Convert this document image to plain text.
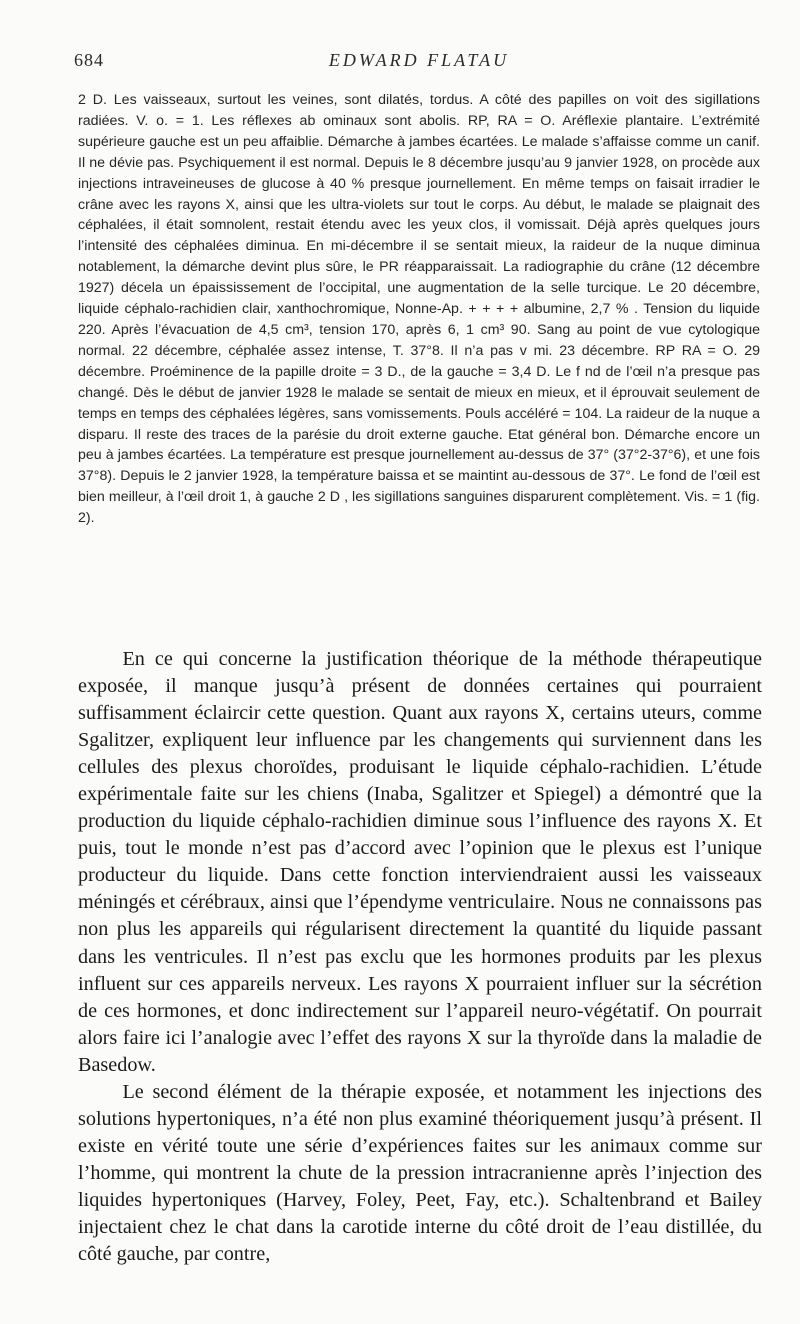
684	EDWARD FLATAU

2 D. Les vaisseaux, surtout les veines, sont dilatés, tordus. A côté des papilles on voit des sigillations radiées. V. o. = 1. Les réflexes ab ominaux sont abolis. RP, RA = O. Aréflexie plantaire. L’extrémité supérieure gauche est un peu affaiblie. Démarche à jambes écartées. Le malade s’affaisse comme un canif. Il ne dévie pas. Psychiquement il est normal. Depuis le 8 décembre jusqu’au 9 janvier 1928, on procède aux injections intraveineuses de glucose à 40 % presque journellement. En même temps on faisait irradier le crâne avec les rayons X, ainsi que les ultra-violets sur tout le corps. Au début, le malade se plaignait des céphalées, il était somnolent, restait étendu avec les yeux clos, il vomissait. Déjà après quelques jours l’intensité des céphalées diminua. En mi-décembre il se sentait mieux, la raideur de la nuque diminua notablement, la démarche devint plus sûre, le PR réapparaissait. La radiographie du crâne (12 décembre 1927) décela un épaississement de l’occipital, une augmentation de la selle turcique. Le 20 décembre, liquide céphalo-rachidien clair, xanthochromique, Nonne-Ap. + + + + albumine, 2,7 % . Tension du liquide 220. Après l’évacuation de 4,5 cm³, tension 170, après 6, 1 cm³ 90. Sang au point de vue cytologique normal. 22 décembre, céphalée assez intense, T. 37°8. Il n’a pas v mi. 23 décembre. RP RA = O. 29 décembre. Proéminence de la papille droite = 3 D., de la gauche = 3,4 D. Le f nd de l’œil n’a presque pas changé. Dès le début de janvier 1928 le malade se sentait de mieux en mieux, et il éprouvait seulement de temps en temps des céphalées légères, sans vomissements. Pouls accéléré = 104. La raideur de la nuque a disparu. Il reste des traces de la parésie du droit externe gauche. Etat général bon. Démarche encore un peu à jambes écartées. La température est presque journellement au-dessus de 37° (37°2-37°6), et une fois 37°8). Depuis le 2 janvier 1928, la température baissa et se maintint au-dessous de 37°. Le fond de l’œil est bien meilleur, à l’œil droit 1, à gauche 2 D , les sigillations sanguines disparurent complètement. Vis. = 1 (fig. 2).

En ce qui concerne la justification théorique de la méthode thérapeutique exposée, il manque jusqu’à présent de données certaines qui pourraient suffisamment éclaircir cette question. Quant aux rayons X, certains uteurs, comme Sgalitzer, expliquent leur influence par les changements qui surviennent dans les cellules des plexus choroïdes, produisant le liquide céphalo-rachidien. L’étude expérimentale faite sur les chiens (Inaba, Sgalitzer et Spiegel) a démontré que la production du liquide céphalo-rachidien diminue sous l’influence des rayons X. Et puis, tout le monde n’est pas d’accord avec l’opinion que le plexus est l’unique producteur du liquide. Dans cette fonction interviendraient aussi les vaisseaux méningés et cérébraux, ainsi que l’épendyme ventriculaire. Nous ne connaissons pas non plus les appareils qui régularisent directement la quantité du liquide passant dans les ventricules. Il n’est pas exclu que les hormones produits par les plexus influent sur ces appareils nerveux. Les rayons X pourraient influer sur la sécrétion de ces hormones, et donc indirectement sur l’appareil neuro-végétatif. On pourrait alors faire ici l’analogie avec l’effet des rayons X sur la thyroïde dans la maladie de Basedow.

Le second élément de la thérapie exposée, et notamment les injections des solutions hypertoniques, n’a été non plus examiné théoriquement jusqu’à présent. Il existe en vérité toute une série d’expériences faites sur les animaux comme sur l’homme, qui montrent la chute de la pression intracranienne après l’injection des liquides hypertoniques (Harvey, Foley, Peet, Fay, etc.). Schaltenbrand et Bailey injectaient chez le chat dans la carotide interne du côté droit de l’eau distillée, du côté gauche, par contre,
